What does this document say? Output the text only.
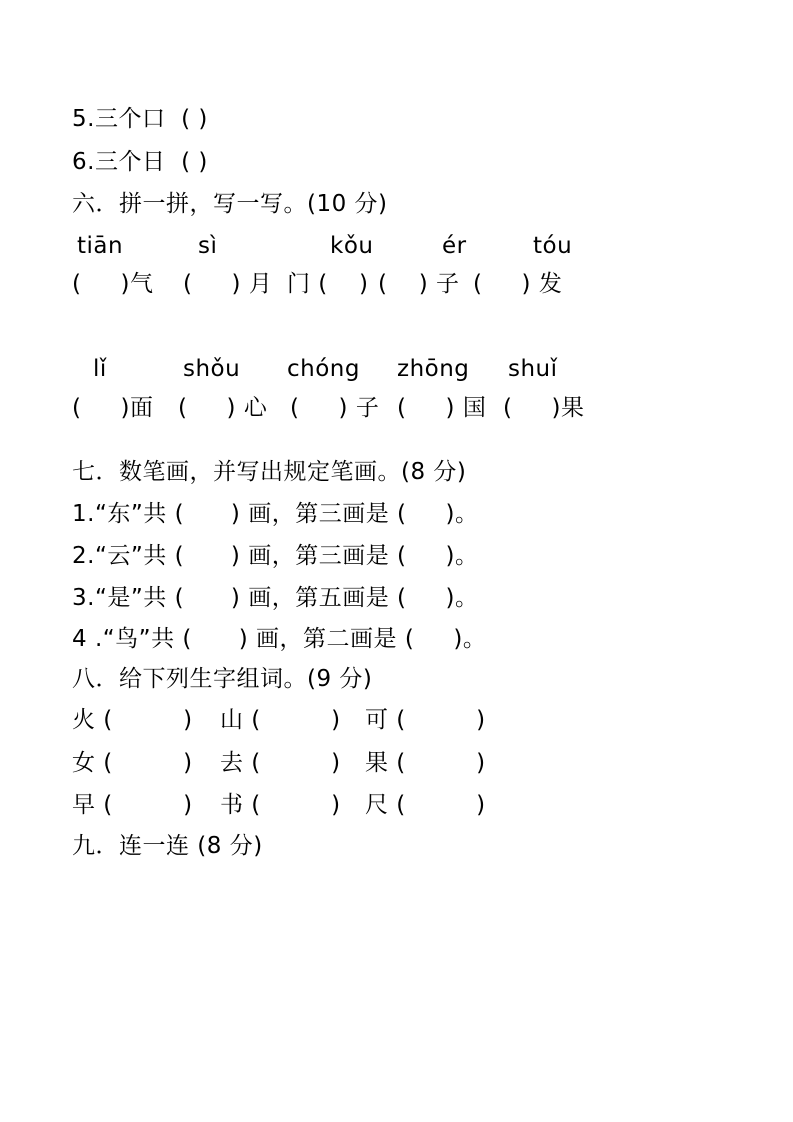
5.三个口  ( )
6.三个日  ( )
六．拼一拼，写一写。(10 分)
tiān	sì	kǒu	ér	tóu
(     )气 (     ) 月 门 (    ) (    ) 子 (     ) 发
lǐ	shǒu chóng zhōng shuǐ
(     )面 (     ) 心 (     ) 子 (     ) 国 (     )果
七．数笔画，并写出规定笔画。(8 分)
1.“东”共 (      ) 画，第三画是 (     )。
2.“云”共 (      ) 画，第三画是 (     )。
3.“是”共 (      ) 画，第五画是 (     )。
4 .“鸟”共 (      ) 画，第二画是 (     )。
八．给下列生字组词。(9 分)
火 (         ) 山 (         ) 可 (         )
女 (         ) 去 (         ) 果 (         )
早 (         ) 书 (         ) 尺 (         )
九．连一连 (8 分)
